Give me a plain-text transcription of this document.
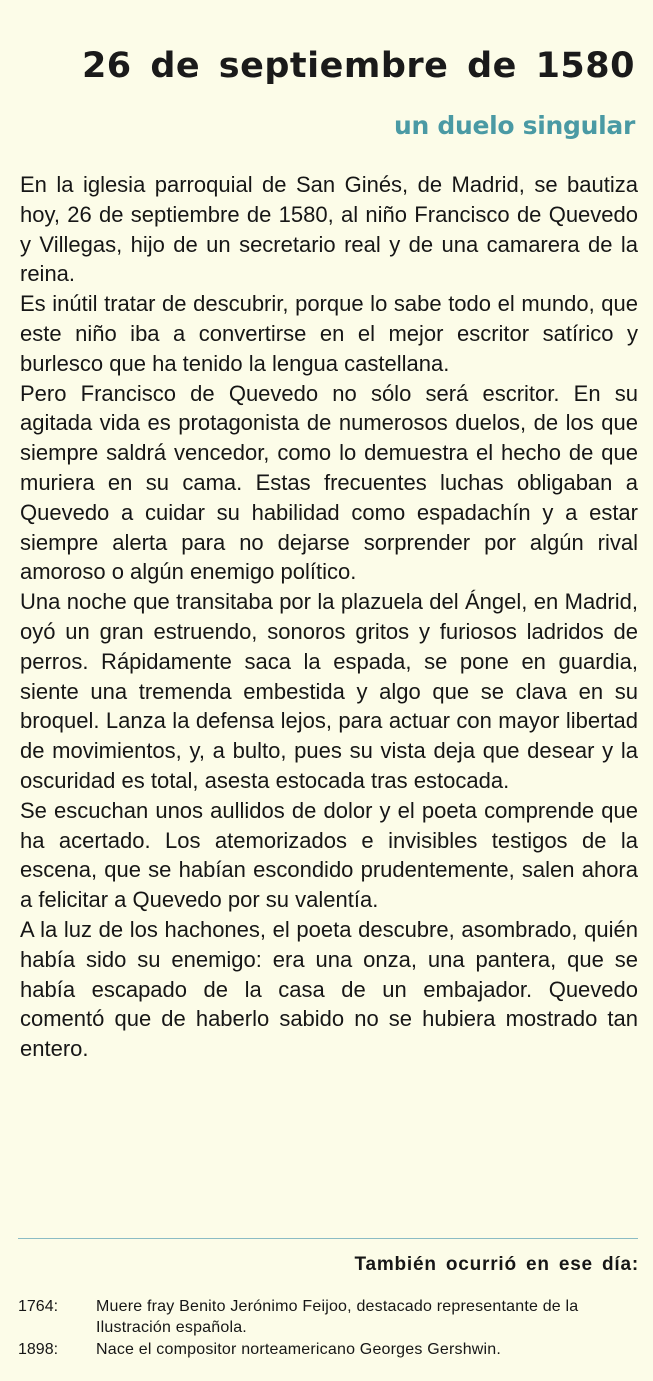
26 de septiembre de 1580
un duelo singular

En la iglesia parroquial de San Ginés, de Madrid, se bautiza hoy, 26 de septiembre de 1580, al niño Francisco de Quevedo y Villegas, hijo de un secretario real y de una camarera de la reina.

Es inútil tratar de descubrir, porque lo sabe todo el mundo, que este niño iba a convertirse en el mejor escritor satírico y burlesco que ha tenido la lengua castellana.

Pero Francisco de Quevedo no sólo será escritor. En su agitada vida es protagonista de numerosos duelos, de los que siempre saldrá vencedor, como lo demuestra el hecho de que muriera en su cama. Estas frecuentes luchas obligaban a Quevedo a cuidar su habilidad como espadachín y a estar siempre alerta para no dejarse sorprender por algún rival amoroso o algún enemigo político.

Una noche que transitaba por la plazuela del Ángel, en Madrid, oyó un gran estruendo, sonoros gritos y furiosos ladridos de perros. Rápidamente saca la espada, se pone en guardia, siente una tremenda embestida y algo que se clava en su broquel. Lanza la defensa lejos, para actuar con mayor libertad de movimientos, y, a bulto, pues su vista deja que desear y la oscuridad es total, asesta estocada tras estocada.

Se escuchan unos aullidos de dolor y el poeta comprende que ha acertado. Los atemorizados e invisibles testigos de la escena, que se habían escondido prudentemente, salen ahora a felicitar a Quevedo por su valentía.

A la luz de los hachones, el poeta descubre, asombrado, quién había sido su enemigo: era una onza, una pantera, que se había escapado de la casa de un embajador. Quevedo comentó que de haberlo sabido no se hubiera mostrado tan entero.

También ocurrió en ese día:
1764:	Muere fray Benito Jerónimo Feijoo, destacado representante de la Ilustración española.
1898:	Nace el compositor norteamericano Georges Gershwin.
